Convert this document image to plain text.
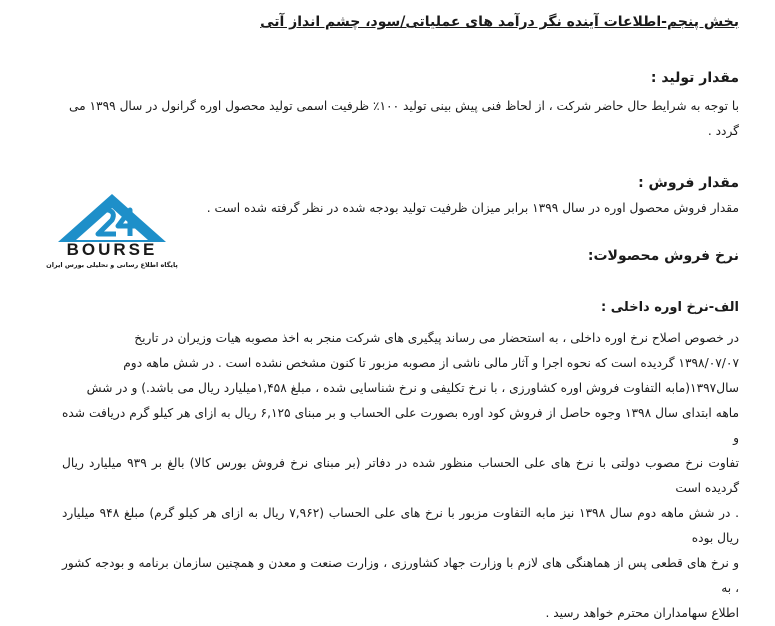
بخش پنجم-اطلاعات آینده نگر درآمد های عملیاتی/سود، چشم انداز آتی
مقدار تولید :
با توجه به شرایط حال حاضر شرکت ، از لحاظ فنی پیش بینی تولید ۱۰۰٪ ظرفیت اسمی تولید محصول اوره گرانول در سال ۱۳۹۹ می گردد .
مقدار فروش :
مقدار فروش محصول اوره در سال ۱۳۹۹ برابر میزان ظرفیت تولید بودجه شده در نظر گرفته شده است .
BOURSE
پایگاه اطلاع رسانی و تحلیلی بورس ایران
نرخ فروش محصولات:
الف-نرخ اوره داخلی :
در خصوص اصلاح نرخ اوره داخلی ، به استحضار می رساند پیگیری های شرکت منجر به اخذ مصوبه هیات وزیران در تاریخ
۱۳۹۸/۰۷/۰۷ گردیده است که نحوه اجرا و آثار مالی ناشی از مصوبه مزبور تا کنون مشخص نشده است . در شش ماهه دوم
سال۱۳۹۷(مابه التفاوت فروش اوره کشاورزی ، با نرخ تکلیفی و نرخ شناسایی شده ، مبلغ ۱,۴۵۸میلیارد ریال می باشد.) و در شش
ماهه ابتدای سال ۱۳۹۸ وجوه حاصل از فروش کود اوره بصورت علی الحساب و بر مبنای ۶,۱۲۵ ریال به ازای هر کیلو گرم دریافت شده و
تفاوت نرخ مصوب دولتی با نرخ های علی الحساب منظور شده در دفاتر (بر مبنای نرخ فروش بورس کالا) بالغ بر ۹۳۹ میلیارد ریال گردیده است
. در شش ماهه دوم سال ۱۳۹۸ نیز مابه التفاوت مزبور با نرخ های علی الحساب (۷,۹۶۲ ریال به ازای هر کیلو گرم) مبلغ ۹۴۸ میلیارد ریال بوده
و نرخ های قطعی پس از هماهنگی های لازم با وزارت جهاد کشاورزی ، وزارت صنعت و معدن و همچنین سازمان برنامه و بودجه کشور ، به
اطلاع سهامداران محترم خواهد رسید .
